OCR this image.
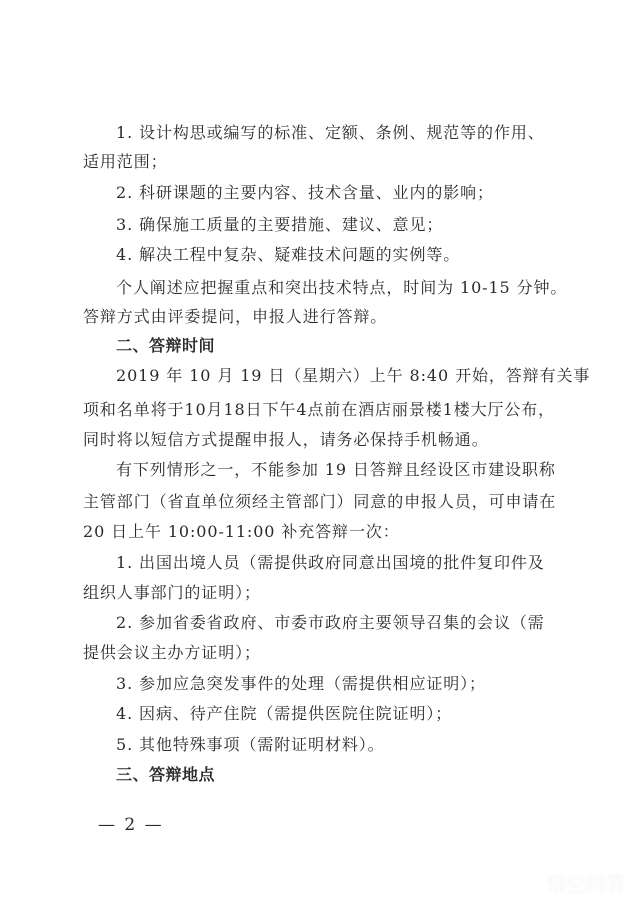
1. 设计构思或编写的标准、定额、条例、规范等的作用、
适用范围；
2. 科研课题的主要内容、技术含量、业内的影响；
3. 确保施工质量的主要措施、建议、意见；
4. 解决工程中复杂、疑难技术问题的实例等。
个人阐述应把握重点和突出技术特点，时间为 10-15 分钟。
答辩方式由评委提问，申报人进行答辩。
二、答辩时间
2019 年 10 月 19 日（星期六）上午 8:40 开始，答辩有关事
项和名单将于10月18日下午4点前在酒店丽景楼1楼大厅公布，
同时将以短信方式提醒申报人，请务必保持手机畅通。
有下列情形之一，不能参加 19 日答辩且经设区市建设职称
主管部门（省直单位须经主管部门）同意的申报人员，可申请在
20 日上午 10:00-11:00 补充答辩一次：
1. 出国出境人员（需提供政府同意出国境的批件复印件及
组织人事部门的证明）；
2. 参加省委省政府、市委市政府主要领导召集的会议（需
提供会议主办方证明）；
3. 参加应急突发事件的处理（需提供相应证明）；
4. 因病、待产住院（需提供医院住院证明）；
5. 其他特殊事项（需附证明材料）。
三、答辩地点
— 2 —
悟空问答
